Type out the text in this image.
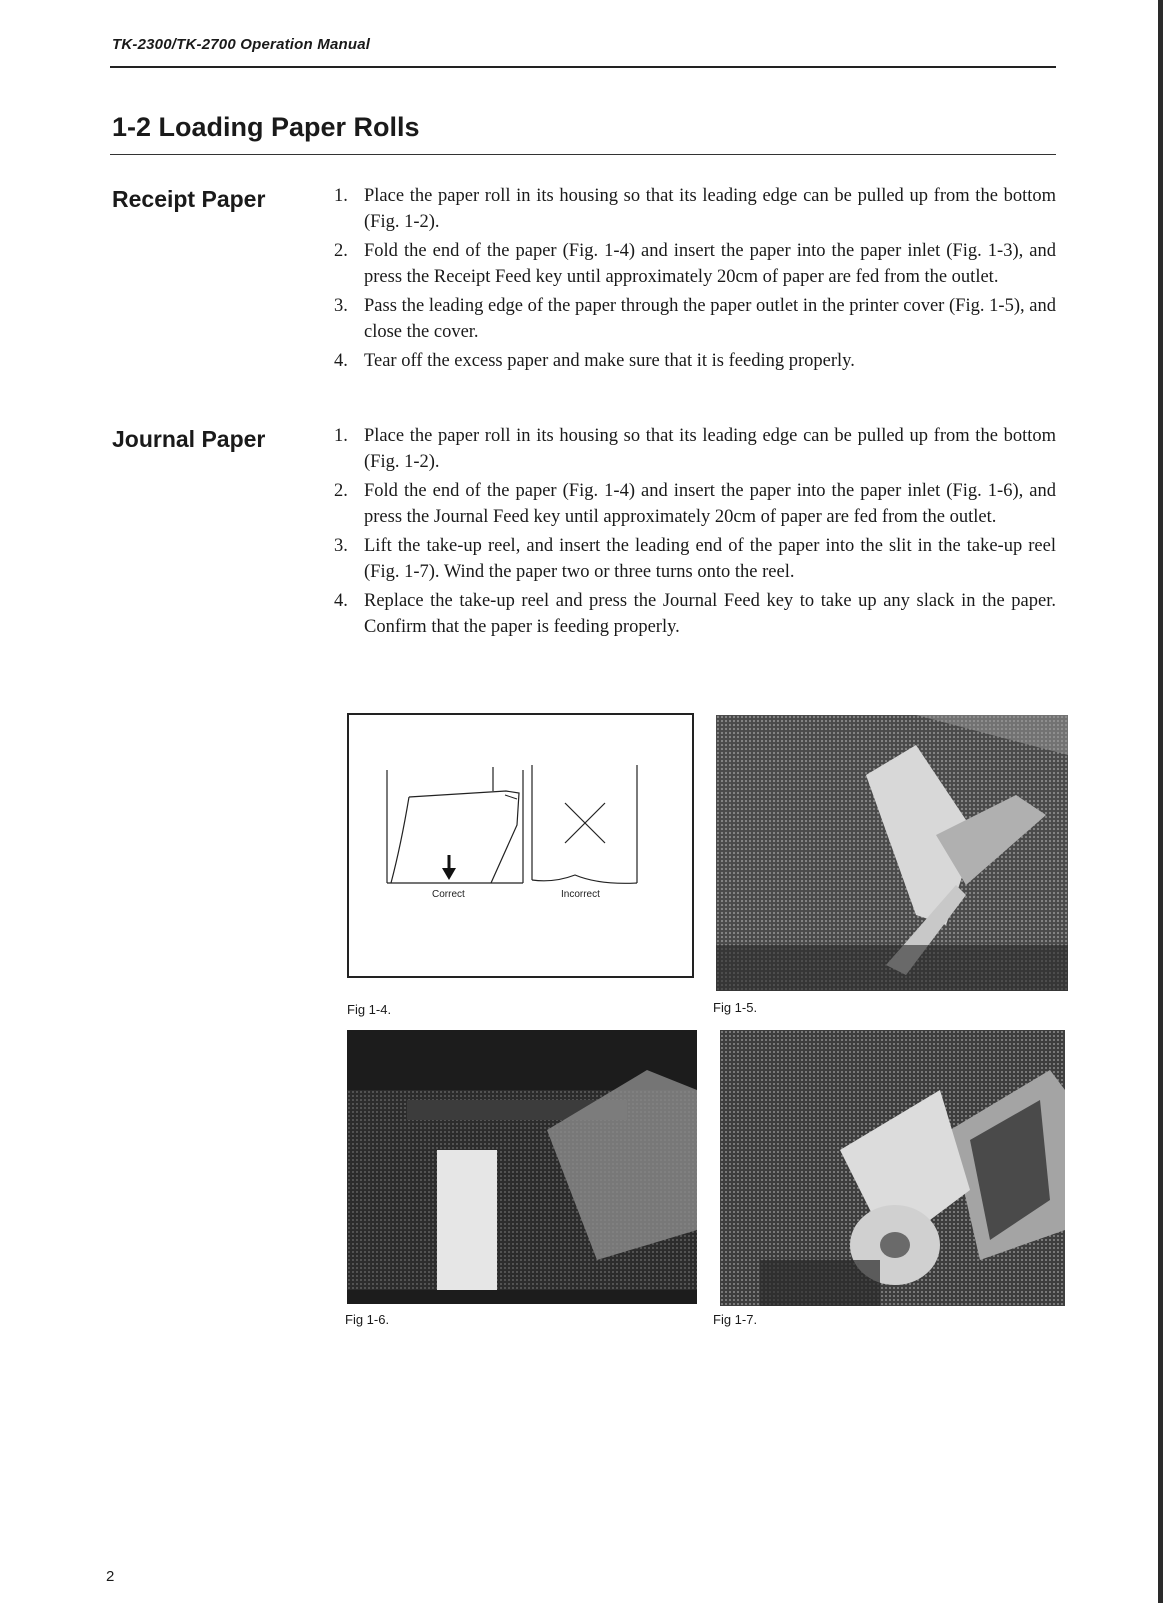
TK-2300/TK-2700 Operation Manual
1-2 Loading Paper Rolls
Receipt Paper	1. Place the paper roll in its housing so that its leading edge can be pulled up from the bottom (Fig. 1-2).
2. Fold the end of the paper (Fig. 1-4) and insert the paper into the paper inlet (Fig. 1-3), and press the Receipt Feed key until approximately 20cm of paper are fed from the outlet.
3. Pass the leading edge of the paper through the paper outlet in the printer cover (Fig. 1-5), and close the cover.
4. Tear off the excess paper and make sure that it is feeding properly.
Journal Paper	1. Place the paper roll in its housing so that its leading edge can be pulled up from the bottom (Fig. 1-2).
2. Fold the end of the paper (Fig. 1-4) and insert the paper into the paper inlet (Fig. 1-6), and press the Journal Feed key until approximately 20cm of paper are fed from the outlet.
3. Lift the take-up reel, and insert the leading end of the paper into the slit in the take-up reel (Fig. 1-7). Wind the paper two or three turns onto the reel.
4. Replace the take-up reel and press the Journal Feed key to take up any slack in the paper. Confirm that the paper is feeding properly.
Correct	Incorrect
Fig 1-4.	Fig 1-5.
Fig 1-6.	Fig 1-7.
2
